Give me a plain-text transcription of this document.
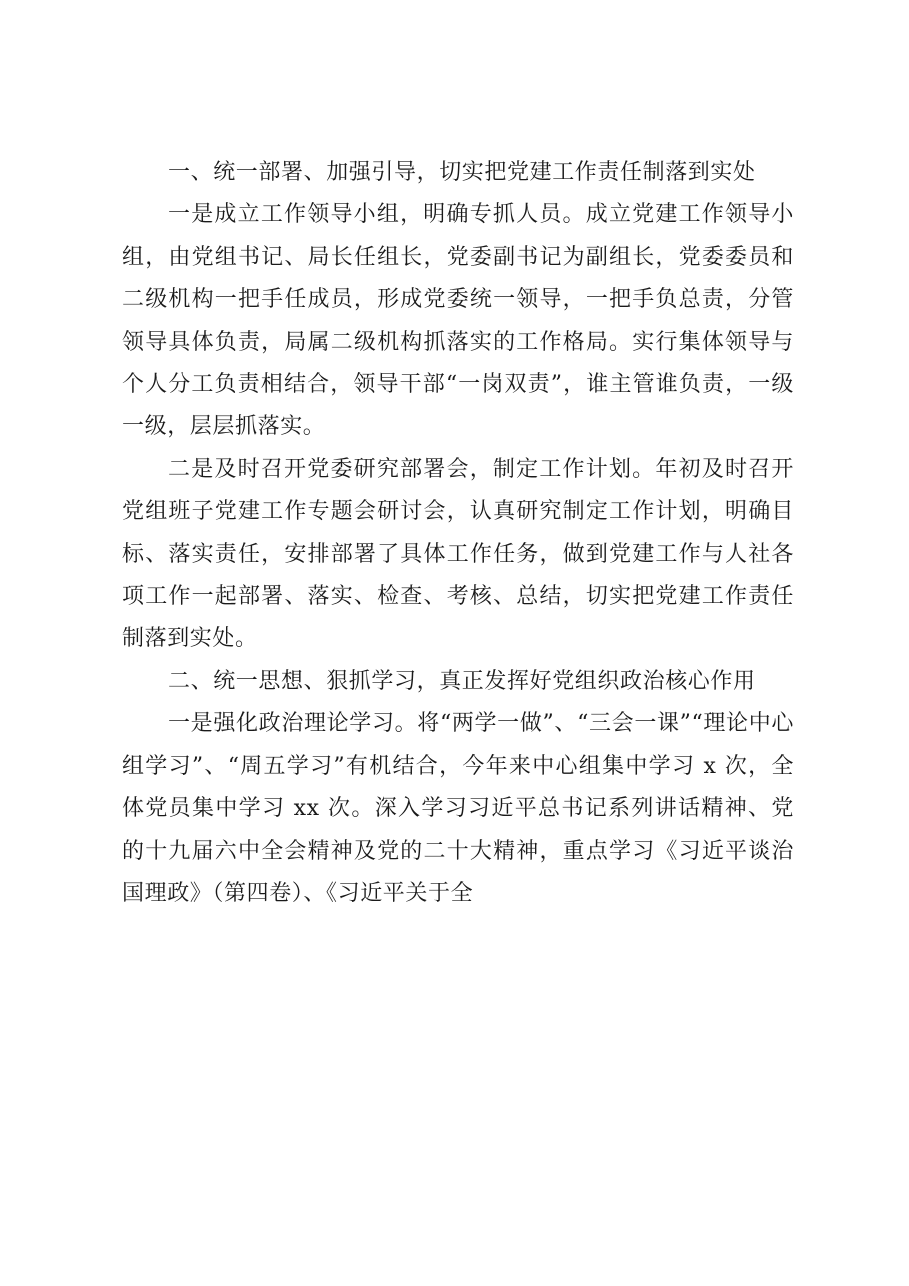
一、统一部署、加强引导，切实把党建工作责任制落到实处

一是成立工作领导小组，明确专抓人员。成立党建工作领导小组，由党组书记、局长任组长，党委副书记为副组长，党委委员和二级机构一把手任成员，形成党委统一领导，一把手负总责，分管领导具体负责，局属二级机构抓落实的工作格局。实行集体领导与个人分工负责相结合，领导干部“一岗双责”，谁主管谁负责，一级一级，层层抓落实。

二是及时召开党委研究部署会，制定工作计划。年初及时召开党组班子党建工作专题会研讨会，认真研究制定工作计划，明确目标、落实责任，安排部署了具体工作任务，做到党建工作与人社各项工作一起部署、落实、检查、考核、总结，切实把党建工作责任制落到实处。

二、统一思想、狠抓学习，真正发挥好党组织政治核心作用

一是强化政治理论学习。将“两学一做”、“三会一课”“理论中心组学习”、“周五学习”有机结合，今年来中心组集中学习 x 次，全体党员集中学习 xx 次。深入学习习近平总书记系列讲话精神、党的十九届六中全会精神及党的二十大精神，重点学习《习近平谈治国理政》（第四卷）、《习近平关于全
